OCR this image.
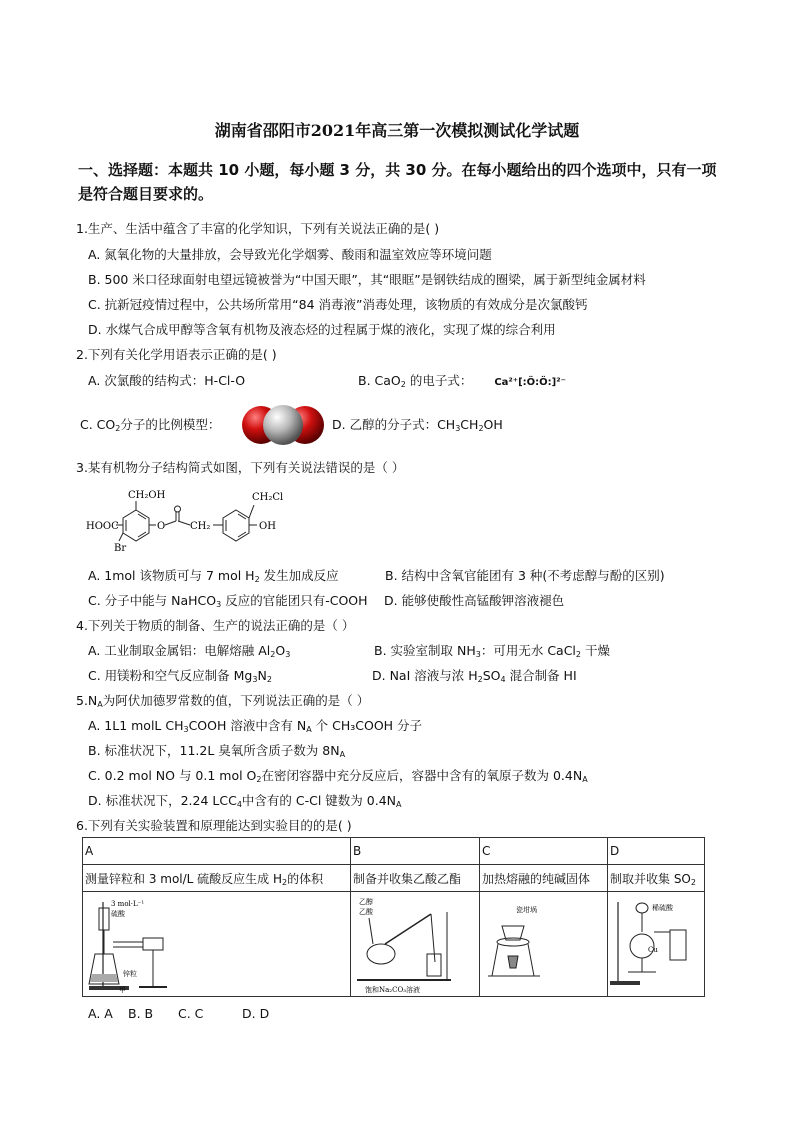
湖南省邵阳市2021年高三第一次模拟测试化学试题
一、选择题：本题共 10 小题，每小题 3 分，共 30 分。在每小题给出的四个选项中，只有一项是符合题目要求的。
1.生产、生活中蕴含了丰富的化学知识，下列有关说法正确的是( )
A. 氮氧化物的大量排放，会导致光化学烟雾、酸雨和温室效应等环境问题
B. 500 米口径球面射电望远镜被誉为“中国天眼”，其“眼眶”是钢铁结成的圈梁，属于新型纯金属材料
C. 抗新冠疫情过程中，公共场所常用“84 消毒液”消毒处理，该物质的有效成分是次氯酸钙
D. 水煤气合成甲醇等含氧有机物及液态烃的过程属于煤的液化，实现了煤的综合利用
2.下列有关化学用语表示正确的是( )
A. 次氯酸的结构式：H-Cl-O	B. CaO$_2$ 的电子式： Ca²⁺[:Ö:Ö:]²⁻
C. $CO_2$分子的比例模型：	D. 乙醇的分子式：$CH_3CH_2OH$
3.某有机物分子结构简式如图，下列有关说法错误的是（ ）
CH₂OH
HOOC
Br
O CH₂
CH₂Cl
OH
A. 1mol 该物质可与 7 mol $H_2$ 发生加成反应	B. 结构中含氧官能团有 3 种(不考虑醇与酚的区别)
C. 分子中能与 NaHCO$_3$ 反应的官能团只有-COOH D. 能够使酸性高锰酸钾溶液褪色
4.下列关于物质的制备、生产的说法正确的是（ ）
A. 工业制取金属铝：电解熔融 $Al_2O_3$	B. 实验室制取 $NH_3$：可用无水 CaCl$_2$ 干燥
C. 用镁粉和空气反应制备 $Mg_3N_2$	D. NaI 溶液与浓 $H_2SO_4$ 混合制备 HI
$5.N_A$为阿伏加德罗常数的值，下列说法正确的是（ ）
A. 1L1 molL $CH_3COOH$ 溶液中含有 $N_A$ 个 CH₃COOH 分子
B. 标准状况下，11.2L 臭氧所含质子数为 $8N_A$
C. 0.2 mol NO 与 0.1 mol $O_2$在密闭容器中充分反应后，容器中含有的氧原子数为 $0.4N_A$
D. 标准状况下，2.24 $LCC_4$中含有的 C-Cl 键数为 $0.4N_A$
6.下列有关实验装置和原理能达到实验目的的是( )
A	B	C	D
测量锌粒和 3 mol/L 硫酸反应生成 $H_2$的体积	制备并收集乙酸乙酯	加热熔融的纯碱固体	制取并收集 $SO_2$

3 mol·L⁻¹
硫酸
锌粒
甲	乙醇
乙酸
饱和Na₂CO₃溶液	瓷坩埚	稀硫酸
Cu
A. A B. B C. C	D. D
